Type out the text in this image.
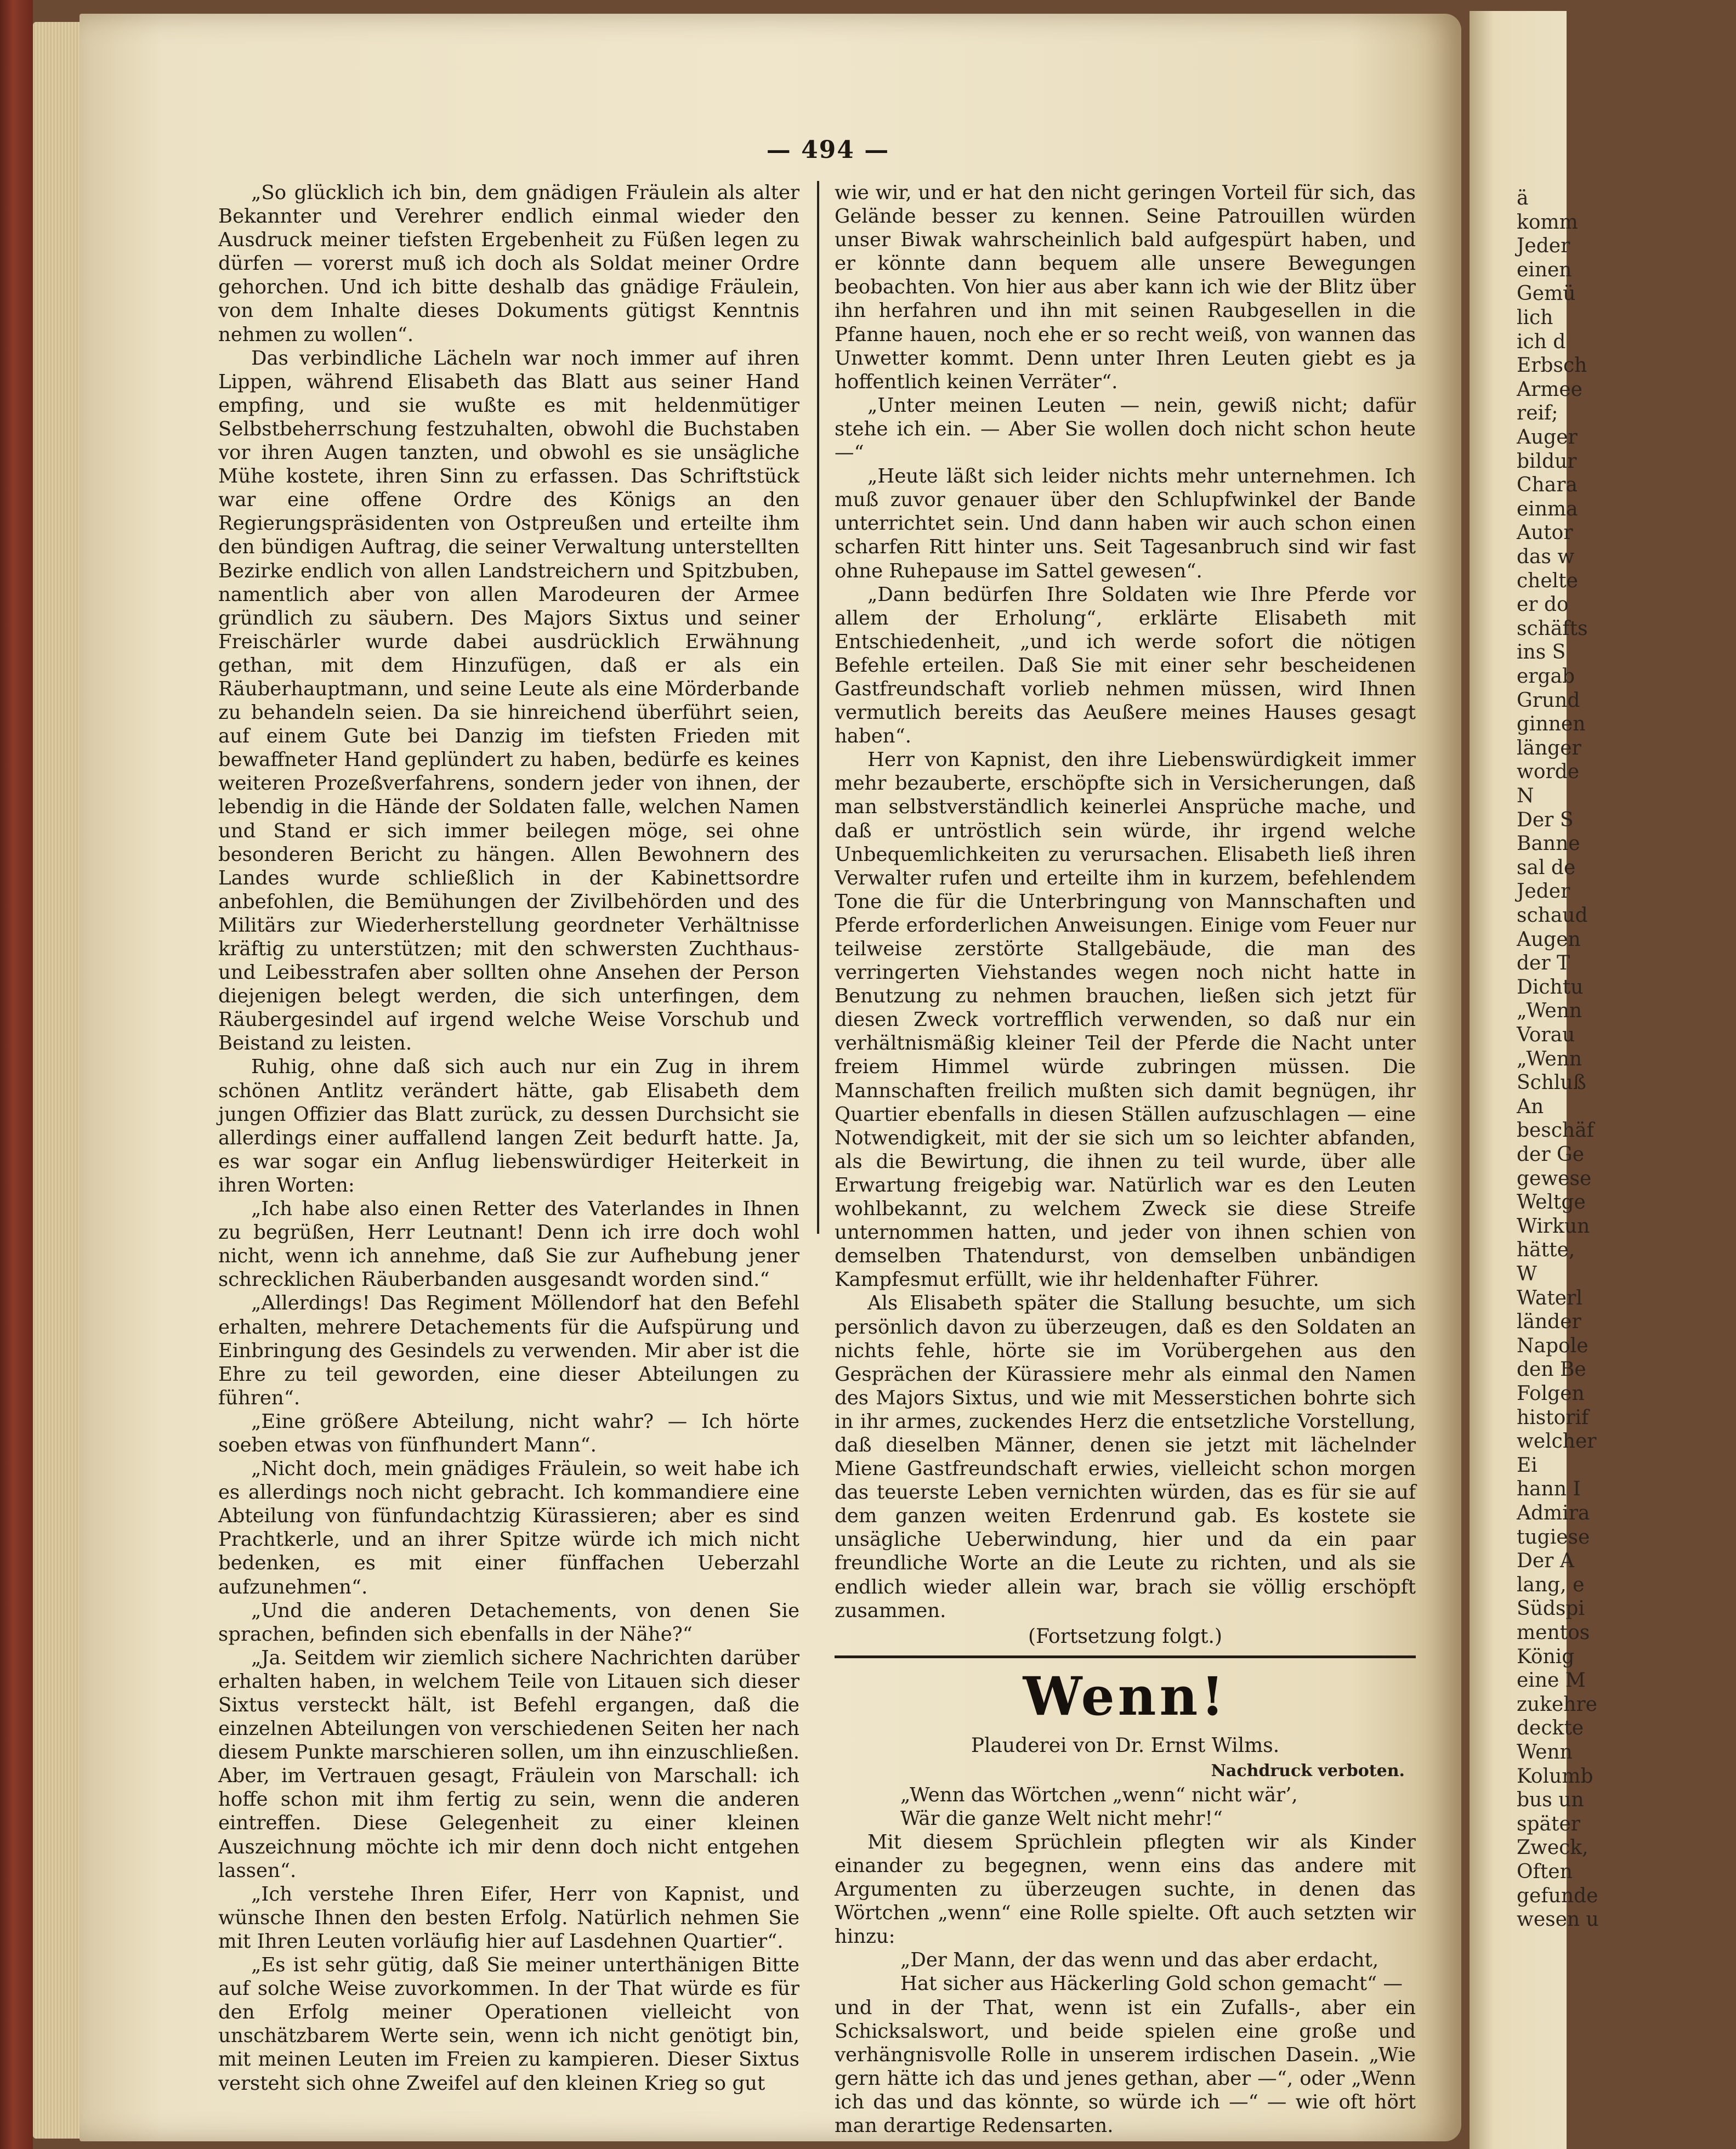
— 494 —

„So glücklich ich bin, dem gnädigen Fräulein als alter Bekannter und Verehrer endlich einmal wieder den Ausdruck meiner tiefsten Ergebenheit zu Füßen legen zu dürfen — vorerst muß ich doch als Soldat meiner Ordre gehorchen. Und ich bitte deshalb das gnädige Fräulein, von dem Inhalte dieses Dokuments gütigst Kenntnis nehmen zu wollen“.

Das verbindliche Lächeln war noch immer auf ihren Lippen, während Elisabeth das Blatt aus seiner Hand empfing, und sie wußte es mit heldenmütiger Selbstbeherrschung festzuhalten, obwohl die Buchstaben vor ihren Augen tanzten, und obwohl es sie unsägliche Mühe kostete, ihren Sinn zu erfassen. Das Schriftstück war eine offene Ordre des Königs an den Regierungspräsidenten von Ostpreußen und erteilte ihm den bündigen Auftrag, die seiner Verwaltung unterstellten Bezirke endlich von allen Landstreichern und Spitzbuben, namentlich aber von allen Marodeuren der Armee gründlich zu säubern. Des Majors Sixtus und seiner Freischärler wurde dabei ausdrücklich Erwähnung gethan, mit dem Hinzufügen, daß er als ein Räuberhauptmann, und seine Leute als eine Mörderbande zu behandeln seien. Da sie hinreichend überführt seien, auf einem Gute bei Danzig im tiefsten Frieden mit bewaffneter Hand geplündert zu haben, bedürfe es keines weiteren Prozeßverfahrens, sondern jeder von ihnen, der lebendig in die Hände der Soldaten falle, welchen Namen und Stand er sich immer beilegen möge, sei ohne besonderen Bericht zu hängen. Allen Bewohnern des Landes wurde schließlich in der Kabinettsordre anbefohlen, die Bemühungen der Zivilbehörden und des Militärs zur Wiederherstellung geordneter Verhältnisse kräftig zu unterstützen; mit den schwersten Zuchthaus- und Leibesstrafen aber sollten ohne Ansehen der Person diejenigen belegt werden, die sich unterfingen, dem Räubergesindel auf irgend welche Weise Vorschub und Beistand zu leisten.

Ruhig, ohne daß sich auch nur ein Zug in ihrem schönen Antlitz verändert hätte, gab Elisabeth dem jungen Offizier das Blatt zurück, zu dessen Durchsicht sie allerdings einer auffallend langen Zeit bedurft hatte. Ja, es war sogar ein Anflug liebenswürdiger Heiterkeit in ihren Worten:

„Ich habe also einen Retter des Vaterlandes in Ihnen zu begrüßen, Herr Leutnant! Denn ich irre doch wohl nicht, wenn ich annehme, daß Sie zur Aufhebung jener schrecklichen Räuberbanden ausgesandt worden sind.“

„Allerdings! Das Regiment Möllendorf hat den Befehl erhalten, mehrere Detachements für die Aufspürung und Einbringung des Gesindels zu verwenden. Mir aber ist die Ehre zu teil geworden, eine dieser Abteilungen zu führen“.

„Eine größere Abteilung, nicht wahr? — Ich hörte soeben etwas von fünfhundert Mann“.

„Nicht doch, mein gnädiges Fräulein, so weit habe ich es allerdings noch nicht gebracht. Ich kommandiere eine Abteilung von fünfundachtzig Kürassieren; aber es sind Prachtkerle, und an ihrer Spitze würde ich mich nicht bedenken, es mit einer fünffachen Ueberzahl aufzunehmen“.

„Und die anderen Detachements, von denen Sie sprachen, befinden sich ebenfalls in der Nähe?“

„Ja. Seitdem wir ziemlich sichere Nachrichten darüber erhalten haben, in welchem Teile von Litauen sich dieser Sixtus versteckt hält, ist Befehl ergangen, daß die einzelnen Abteilungen von verschiedenen Seiten her nach diesem Punkte marschieren sollen, um ihn einzuschließen. Aber, im Vertrauen gesagt, Fräulein von Marschall: ich hoffe schon mit ihm fertig zu sein, wenn die anderen eintreffen. Diese Gelegenheit zu einer kleinen Auszeichnung möchte ich mir denn doch nicht entgehen lassen“.

„Ich verstehe Ihren Eifer, Herr von Kapnist, und wünsche Ihnen den besten Erfolg. Natürlich nehmen Sie mit Ihren Leuten vorläufig hier auf Lasdehnen Quartier“.

„Es ist sehr gütig, daß Sie meiner unterthänigen Bitte auf solche Weise zuvorkommen. In der That würde es für den Erfolg meiner Operationen vielleicht von unschätzbarem Werte sein, wenn ich nicht genötigt bin, mit meinen Leuten im Freien zu kampieren. Dieser Sixtus versteht sich ohne Zweifel auf den kleinen Krieg so gut

wie wir, und er hat den nicht geringen Vorteil für sich, das Gelände besser zu kennen. Seine Patrouillen würden unser Biwak wahrscheinlich bald aufgespürt haben, und er könnte dann bequem alle unsere Bewegungen beobachten. Von hier aus aber kann ich wie der Blitz über ihn herfahren und ihn mit seinen Raubgesellen in die Pfanne hauen, noch ehe er so recht weiß, von wannen das Unwetter kommt. Denn unter Ihren Leuten giebt es ja hoffentlich keinen Verräter“.

„Unter meinen Leuten — nein, gewiß nicht; dafür stehe ich ein. — Aber Sie wollen doch nicht schon heute —“

„Heute läßt sich leider nichts mehr unternehmen. Ich muß zuvor genauer über den Schlupfwinkel der Bande unterrichtet sein. Und dann haben wir auch schon einen scharfen Ritt hinter uns. Seit Tagesanbruch sind wir fast ohne Ruhepause im Sattel gewesen“.

„Dann bedürfen Ihre Soldaten wie Ihre Pferde vor allem der Erholung“, erklärte Elisabeth mit Entschiedenheit, „und ich werde sofort die nötigen Befehle erteilen. Daß Sie mit einer sehr bescheidenen Gastfreundschaft vorlieb nehmen müssen, wird Ihnen vermutlich bereits das Aeußere meines Hauses gesagt haben“.

Herr von Kapnist, den ihre Liebenswürdigkeit immer mehr bezauberte, erschöpfte sich in Versicherungen, daß man selbstverständlich keinerlei Ansprüche mache, und daß er untröstlich sein würde, ihr irgend welche Unbequemlichkeiten zu verursachen. Elisabeth ließ ihren Verwalter rufen und erteilte ihm in kurzem, befehlendem Tone die für die Unterbringung von Mannschaften und Pferde erforderlichen Anweisungen. Einige vom Feuer nur teilweise zerstörte Stallgebäude, die man des verringerten Viehstandes wegen noch nicht hatte in Benutzung zu nehmen brauchen, ließen sich jetzt für diesen Zweck vortrefflich verwenden, so daß nur ein verhältnismäßig kleiner Teil der Pferde die Nacht unter freiem Himmel würde zubringen müssen. Die Mannschaften freilich mußten sich damit begnügen, ihr Quartier ebenfalls in diesen Ställen aufzuschlagen — eine Notwendigkeit, mit der sie sich um so leichter abfanden, als die Bewirtung, die ihnen zu teil wurde, über alle Erwartung freigebig war. Natürlich war es den Leuten wohlbekannt, zu welchem Zweck sie diese Streife unternommen hatten, und jeder von ihnen schien von demselben Thatendurst, von demselben unbändigen Kampfesmut erfüllt, wie ihr heldenhafter Führer.

Als Elisabeth später die Stallung besuchte, um sich persönlich davon zu überzeugen, daß es den Soldaten an nichts fehle, hörte sie im Vorübergehen aus den Gesprächen der Kürassiere mehr als einmal den Namen des Majors Sixtus, und wie mit Messerstichen bohrte sich in ihr armes, zuckendes Herz die entsetzliche Vorstellung, daß dieselben Männer, denen sie jetzt mit lächelnder Miene Gastfreundschaft erwies, vielleicht schon morgen das teuerste Leben vernichten würden, das es für sie auf dem ganzen weiten Erdenrund gab. Es kostete sie unsägliche Ueberwindung, hier und da ein paar freundliche Worte an die Leute zu richten, und als sie endlich wieder allein war, brach sie völlig erschöpft zusammen.

(Fortsetzung folgt.)

Wenn!

Plauderei von Dr. Ernst Wilms.

Nachdruck verboten.

„Wenn das Wörtchen „wenn“ nicht wär’,

Wär die ganze Welt nicht mehr!“

Mit diesem Sprüchlein pflegten wir als Kinder einander zu begegnen, wenn eins das andere mit Argumenten zu überzeugen suchte, in denen das Wörtchen „wenn“ eine Rolle spielte. Oft auch setzten wir hinzu:

„Der Mann, der das wenn und das aber erdacht,

Hat sicher aus Häckerling Gold schon gemacht“ —

und in der That, wenn ist ein Zufalls-, aber ein Schicksalswort, und beide spielen eine große und verhängnisvolle Rolle in unserem irdischen Dasein. „Wie gern hätte ich das und jenes gethan, aber —“, oder „Wenn ich das und das könnte, so würde ich —“ — wie oft hört man derartige Redensarten.

ä
komm
Jeder
einen
Gemü
lich
ich d
Erbsch
Armee
reif;
Auger
bildur
Chara
einma
Autor
das w
chelte
er do
schäfts
ins S
ergab
Grund
ginnen
länger
worde
N
Der S
Banne
sal de
Jeder
schaud
Augen
der T
Dichtu
„Wenn
Vorau
„Wenn
Schluß
An
beschäf
der Ge
gewese
Weltge
Wirkun
hätte,
W
Waterl
länder
Napole
den Be
Folgen
historif
welcher
Ei
hann I
Admira
tugiese
Der A
lang, e
Südspi
mentos
König
eine M
zukehre
deckte
Wenn
Kolumb
bus un
später
Zweck,
Often
gefunde
wesen u
